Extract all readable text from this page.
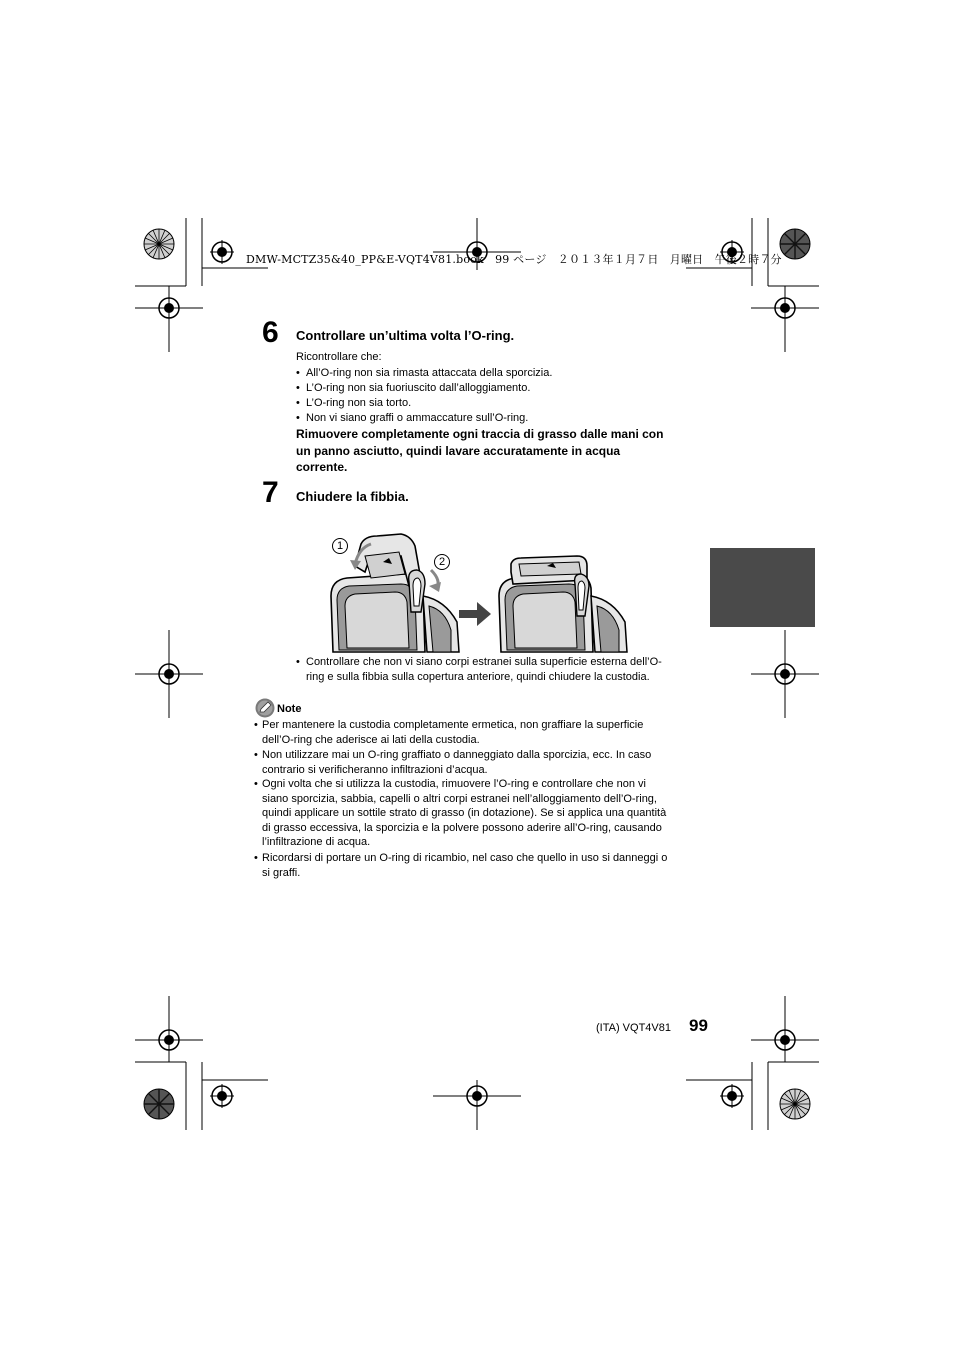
DMW-MCTZ35&40_PP&E-VQT4V81.book　99 ページ　２０１３年１月７日　月曜日　午後２時７分
6 Controllare un’ultima volta l’O-ring.
Ricontrollare che:
• All’O-ring non sia rimasta attaccata della sporcizia.
• L’O-ring non sia fuoriuscito dall’alloggiamento.
• L’O-ring non sia torto.
• Non vi siano graffi o ammaccature sull’O-ring.
Rimuovere completamente ogni traccia di grasso dalle mani con
un panno asciutto, quindi lavare accuratamente in acqua
corrente.
7 Chiudere la fibbia.
1
2
• Controllare che non vi siano corpi estranei sulla superficie esterna dell’O-
ring e sulla fibbia sulla copertura anteriore, quindi chiudere la custodia.
Note
• Per mantenere la custodia completamente ermetica, non graffiare la superficie
dell’O-ring che aderisce ai lati della custodia.
• Non utilizzare mai un O-ring graffiato o danneggiato dalla sporcizia, ecc. In caso
contrario si verificheranno infiltrazioni d’acqua.
• Ogni volta che si utilizza la custodia, rimuovere l’O-ring e controllare che non vi
siano sporcizia, sabbia, capelli o altri corpi estranei nell’alloggiamento dell’O-ring,
quindi applicare un sottile strato di grasso (in dotazione). Se si applica una quantità
di grasso eccessiva, la sporcizia e la polvere possono aderire all’O-ring, causando
l’infiltrazione di acqua.
• Ricordarsi di portare un O-ring di ricambio, nel caso che quello in uso si danneggi o
si graffi.
(ITA) VQT4V81 99
